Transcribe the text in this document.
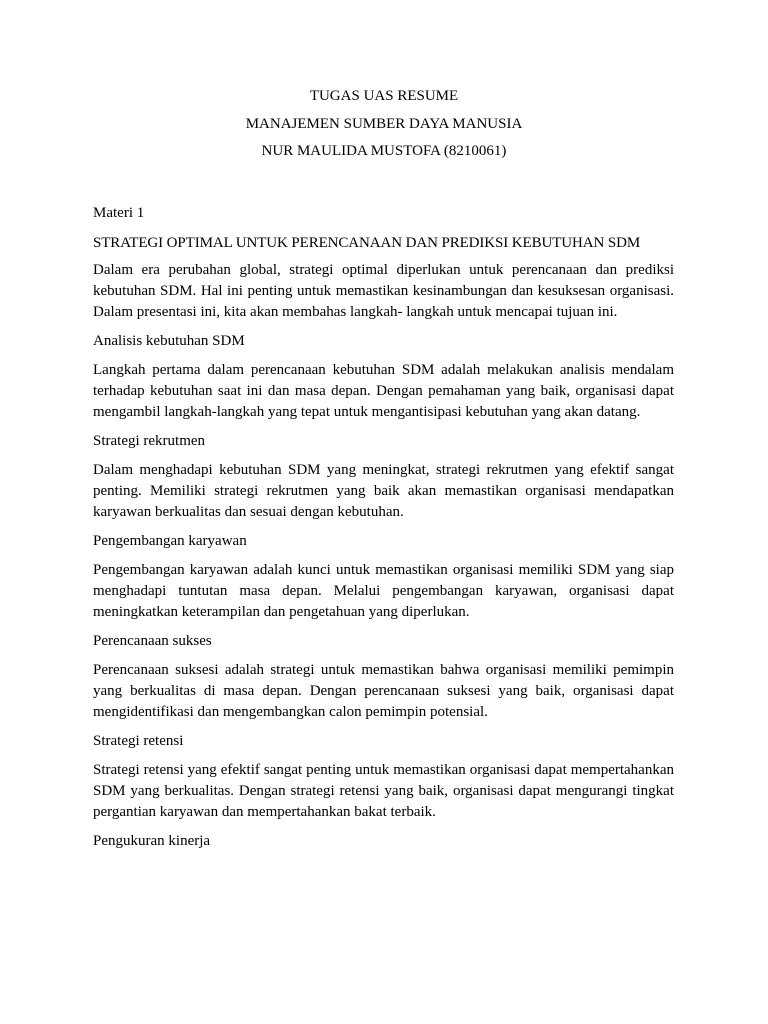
TUGAS UAS RESUME
MANAJEMEN SUMBER DAYA MANUSIA
NUR MAULIDA MUSTOFA (8210061)

Materi 1

STRATEGI OPTIMAL UNTUK PERENCANAAN DAN PREDIKSI KEBUTUHAN SDM

Dalam era perubahan global, strategi optimal diperlukan untuk perencanaan dan prediksi kebutuhan SDM. Hal ini penting untuk memastikan kesinambungan dan kesuksesan organisasi. Dalam presentasi ini, kita akan membahas langkah- langkah untuk mencapai tujuan ini.

Analisis kebutuhan SDM

Langkah pertama dalam perencanaan kebutuhan SDM adalah melakukan analisis mendalam terhadap kebutuhan saat ini dan masa depan. Dengan pemahaman yang baik, organisasi dapat mengambil langkah-langkah yang tepat untuk mengantisipasi kebutuhan yang akan datang.

Strategi rekrutmen

Dalam menghadapi kebutuhan SDM yang meningkat, strategi rekrutmen yang efektif sangat penting. Memiliki strategi rekrutmen yang baik akan memastikan organisasi mendapatkan karyawan berkualitas dan sesuai dengan kebutuhan.

Pengembangan karyawan

Pengembangan karyawan adalah kunci untuk memastikan organisasi memiliki SDM yang siap menghadapi tuntutan masa depan. Melalui pengembangan karyawan, organisasi dapat meningkatkan keterampilan dan pengetahuan yang diperlukan.

Perencanaan sukses

Perencanaan suksesi adalah strategi untuk memastikan bahwa organisasi memiliki pemimpin yang berkualitas di masa depan. Dengan perencanaan suksesi yang baik, organisasi dapat mengidentifikasi dan mengembangkan calon pemimpin potensial.

Strategi retensi

Strategi retensi yang efektif sangat penting untuk memastikan organisasi dapat mempertahankan SDM yang berkualitas. Dengan strategi retensi yang baik, organisasi dapat mengurangi tingkat pergantian karyawan dan mempertahankan bakat terbaik.

Pengukuran kinerja
